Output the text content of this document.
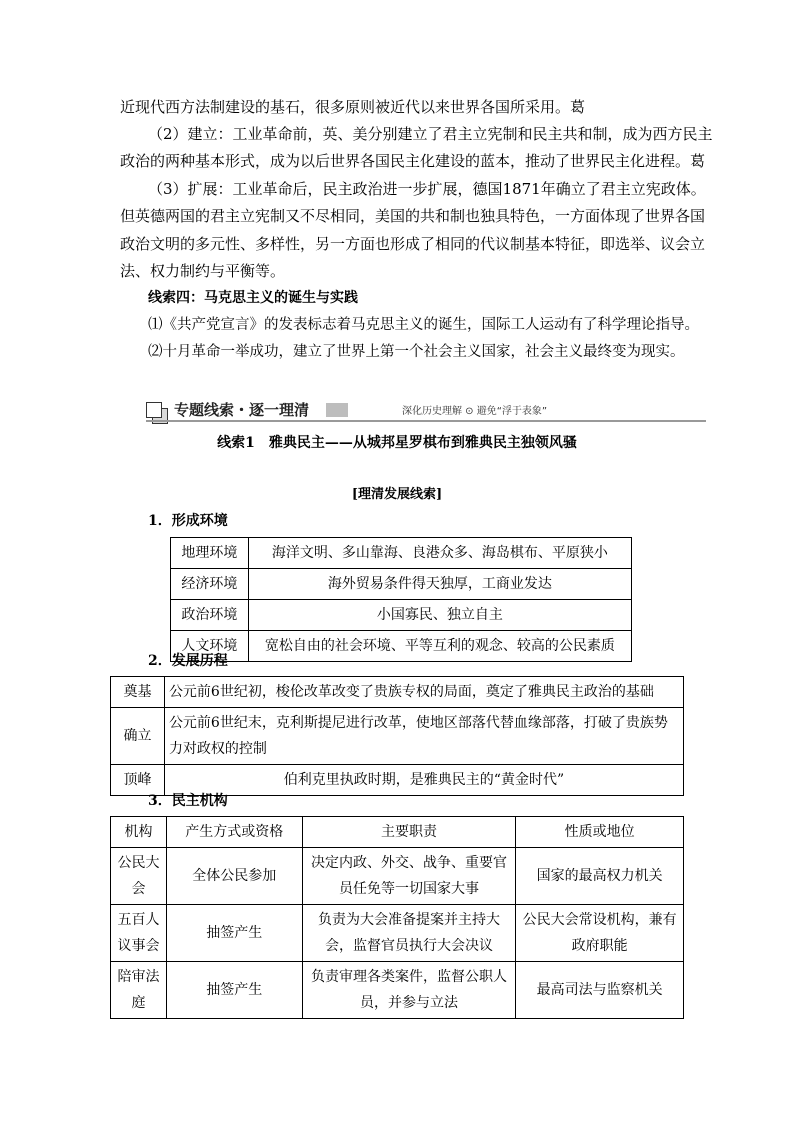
近现代西方法制建设的基石，很多原则被近代以来世界各国所采用。葛
（2）建立：工业革命前，英、美分别建立了君主立宪制和民主共和制，成为西方民主
政治的两种基本形式，成为以后世界各国民主化建设的蓝本，推动了世界民主化进程。葛
（3）扩展：工业革命后，民主政治进一步扩展，德国1871年确立了君主立宪政体。
但英德两国的君主立宪制又不尽相同，美国的共和制也独具特色，一方面体现了世界各国
政治文明的多元性、多样性，另一方面也形成了相同的代议制基本特征，即选举、议会立
法、权力制约与平衡等。
线索四：马克思主义的诞生与实践
⑴《共产党宣言》的发表标志着马克思主义的诞生，国际工人运动有了科学理论指导。
⑵十月革命一举成功，建立了世界上第一个社会主义国家，社会主义最终变为现实。
专题线索・逐一理清	深化历史理解 ⊙ 避免“浮于表象”
线索1　雅典民主——从城邦星罗棋布到雅典民主独领风骚
[理清发展线索]
1．形成环境
地理环境	海洋文明、多山靠海、良港众多、海岛棋布、平原狭小
经济环境	海外贸易条件得天独厚，工商业发达
政治环境	小国寡民、独立自主
人文环境	宽松自由的社会环境、平等互利的观念、较高的公民素质
2．发展历程
奠基	公元前6世纪初，梭伦改革改变了贵族专权的局面，奠定了雅典民主政治的基础
确立	公元前6世纪末，克利斯提尼进行改革，使地区部落代替血缘部落，打破了贵族势力对政权的控制
顶峰	伯利克里执政时期，是雅典民主的“黄金时代”
3．民主机构
机构	产生方式或资格	主要职责	性质或地位
公民大会	全体公民参加	决定内政、外交、战争、重要官员任免等一切国家大事	国家的最高权力机关
五百人议事会	抽签产生	负责为大会准备提案并主持大会，监督官员执行大会决议	公民大会常设机构，兼有政府职能
陪审法庭	抽签产生	负责审理各类案件，监督公职人员，并参与立法	最高司法与监察机关
